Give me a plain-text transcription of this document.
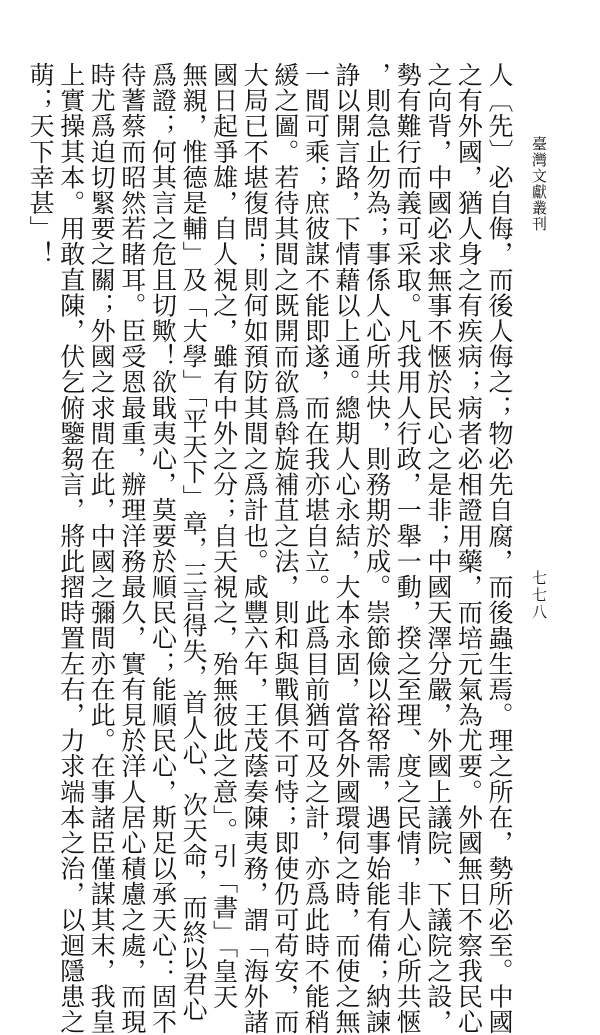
臺灣文獻叢刊
七七八
人〔先〕必自侮，而後人侮之；物必先自腐，而後蟲生焉。理之所在，勢所必至。中國
之有外國，猶人身之有疾病；病者必相證用藥，而培元氣為尤要。外國無日不察我民心
之向背，中國必求無事不愜於民心之是非；中國天澤分嚴，外國上議院、下議院之設，
勢有難行而義可采取。凡我用人行政，一舉一動，揆之至理、度之民情，非人心所共愜
，則急止勿為；事係人心所共快，則務期於成。崇節儉以裕帑需，遇事始能有備；納諫
諍以開言路，下情藉以上通。總期人心永結，大本永固，當各外國環伺之時，而使之無
一間可乘；庶彼謀不能即遂，而在我亦堪自立。此爲目前猶可及之計，亦爲此時不能稍
緩之圖。若待其間之既開而欲爲斡旋補苴之法，則和與戰俱不可恃；即使仍可苟安，而
大局已不堪復問；則何如預防其間之爲計也。咸豐六年，王茂蔭奏陳夷務，謂「海外諸
國日起爭雄，自人視之，雖有中外之分；自天視之，殆無彼此之意」。引「書」「皇天
無親，惟德是輔」及「大學」「平天下」章，三言得失，首人心、次天命，而終以君心
爲證；何其言之危且切歟！欲戢夷心，莫要於順民心；能順民心，斯足以承天心：固不
待蓍蔡而昭然若睹耳。臣受恩最重，辦理洋務最久，實有見於洋人居心積慮之處，而現
時尤爲迫切緊要之關；外國之求間在此，中國之彌間亦在此。在事諸臣僅謀其末，我皇
上實操其本。用敢直陳，伏乞俯鑒芻言，將此摺時置左右，力求端本之治，以迴隱患之
萌；天下幸甚」！
